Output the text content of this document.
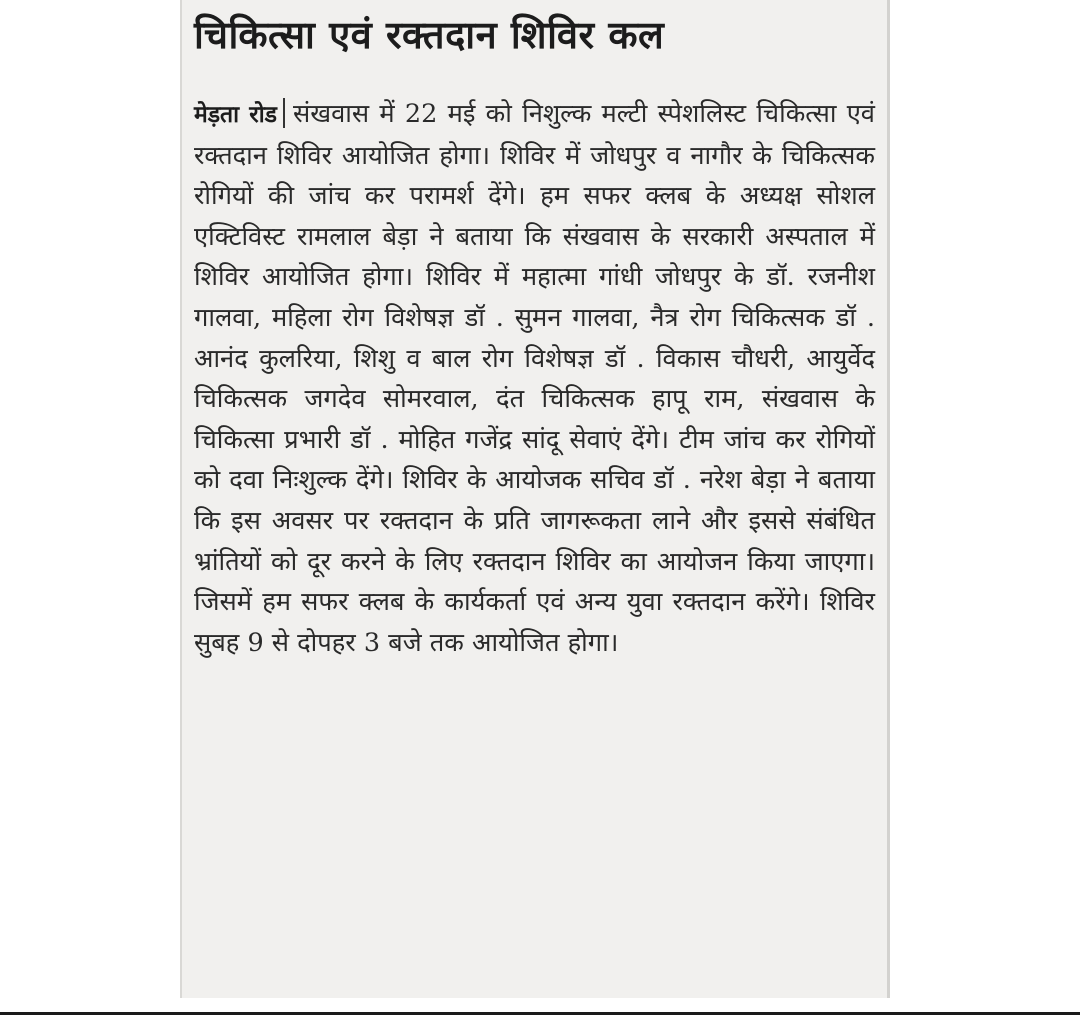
चिकित्सा एवं रक्तदान शिविर कल

मेड़ता रोड संखवास में 22 मई को निशुल्क मल्टी स्पेशलिस्ट चिकित्सा एवं रक्तदान शिविर आयोजित होगा। शिविर में जोधपुर व नागौर के चिकित्सक रोगियों की जांच कर परामर्श देंगे। हम सफर क्लब के अध्यक्ष सोशल एक्टिविस्ट रामलाल बेड़ा ने बताया कि संखवास के सरकारी अस्पताल में शिविर आयोजित होगा। शिविर में महात्मा गांधी जोधपुर के डॉ. रजनीश गालवा, महिला रोग विशेषज्ञ डॉ . सुमन गालवा, नैत्र रोग चिकित्सक डॉ . आनंद कुलरिया, शिशु व बाल रोग विशेषज्ञ डॉ . विकास चौधरी, आयुर्वेद चिकित्सक जगदेव सोमरवाल, दंत चिकित्सक हापू राम, संखवास के चिकित्सा प्रभारी डॉ . मोहित गजेंद्र सांदू सेवाएं देंगे। टीम जांच कर रोगियों को दवा निःशुल्क देंगे। शिविर के आयोजक सचिव डॉ . नरेश बेड़ा ने बताया कि इस अवसर पर रक्तदान के प्रति जागरूकता लाने और इससे संबंधित भ्रांतियों को दूर करने के लिए रक्तदान शिविर का आयोजन किया जाएगा। जिसमें हम सफर क्लब के कार्यकर्ता एवं अन्य युवा रक्तदान करेंगे। शिविर सुबह 9 से दोपहर 3 बजे तक आयोजित होगा।
